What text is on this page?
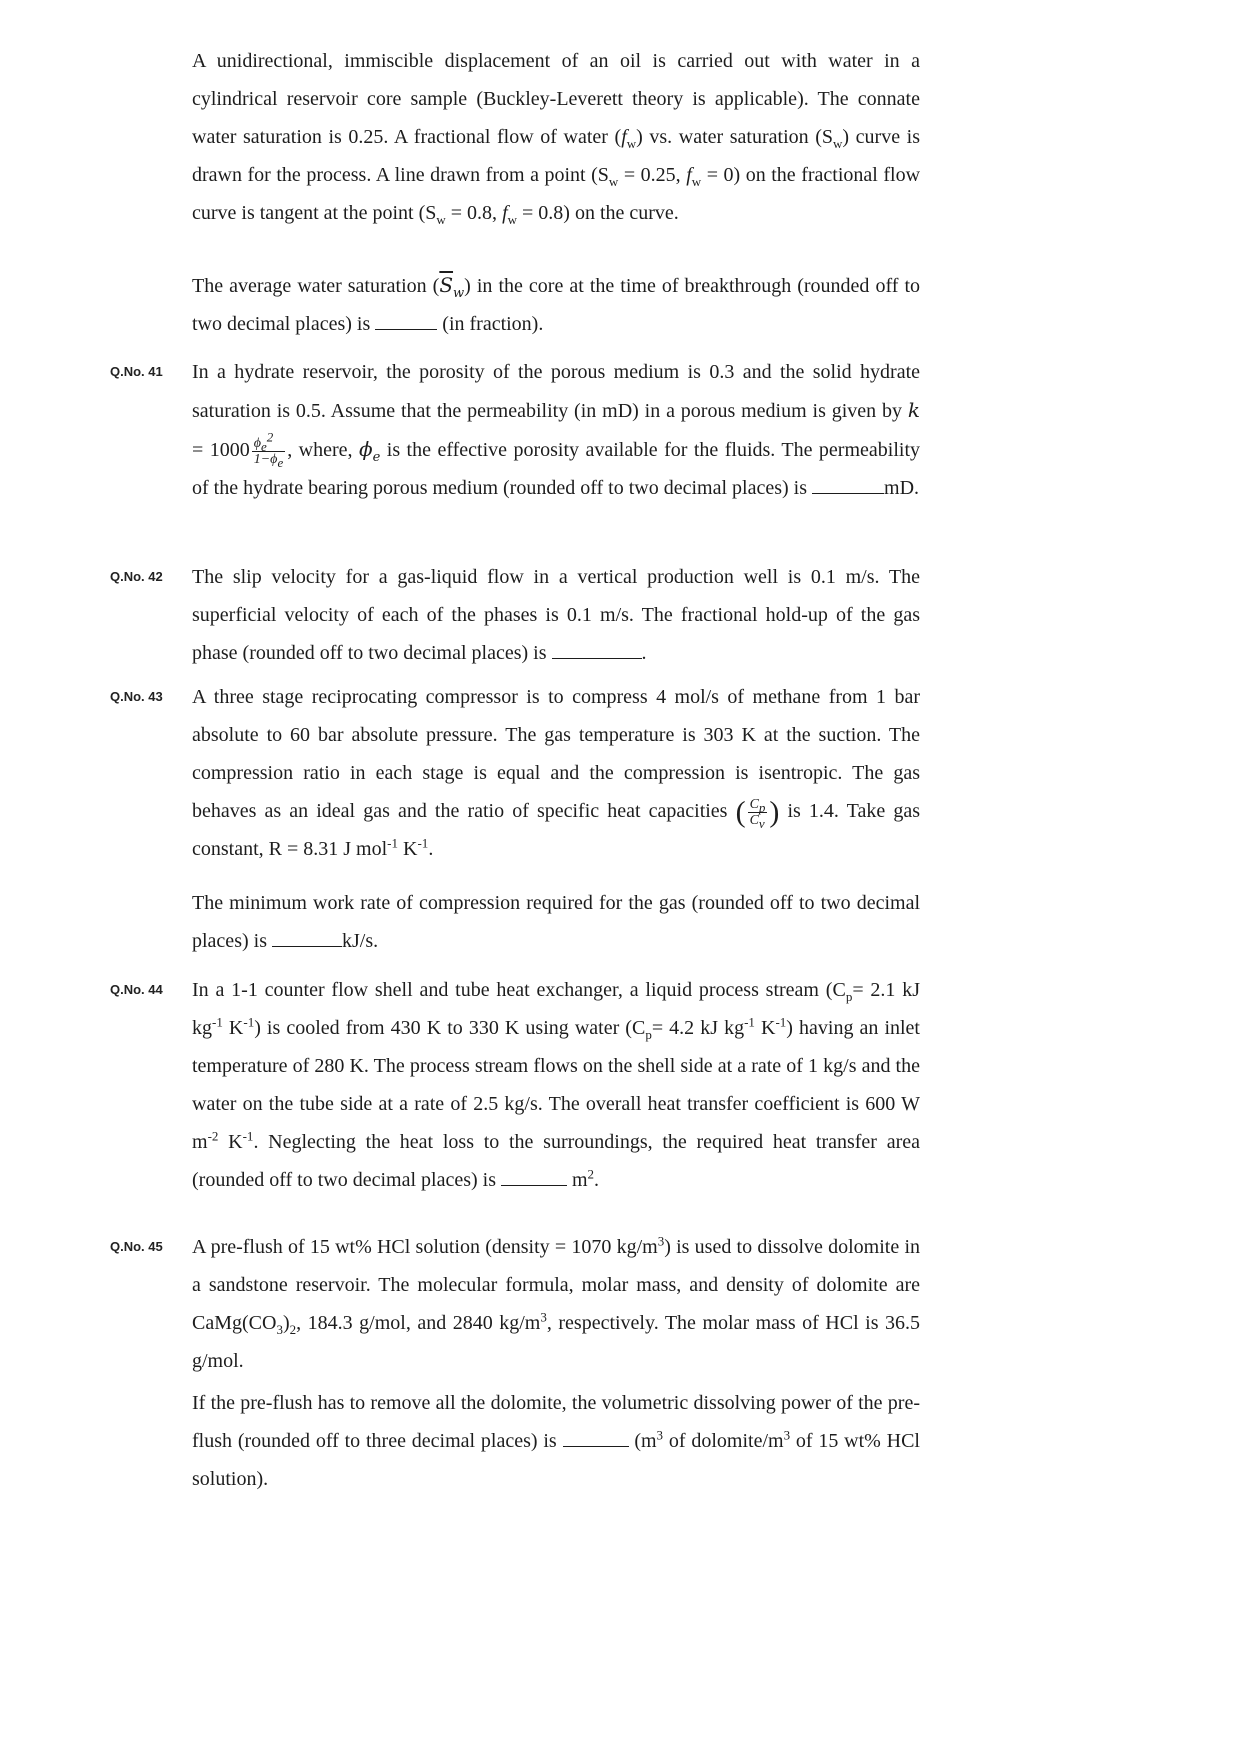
A unidirectional, immiscible displacement of an oil is carried out with water in a cylindrical reservoir core sample (Buckley-Leverett theory is applicable). The connate water saturation is 0.25. A fractional flow of water $(f_w)$ vs. water saturation $(S_w)$ curve is drawn for the process. A line drawn from a point ($S_w = 0.25$, $f_w = 0$) on the fractional flow curve is tangent at the point ($S_w = 0.8$, $f_w = 0.8$) on the curve.

The average water saturation $(\overline{S}_w)$ in the core at the time of breakthrough (rounded off to two decimal places) is	(in fraction).

Q.No. 41 In a hydrate reservoir, the porosity of the porous medium is 0.3 and the solid hydrate saturation is 0.5. Assume that the permeability (in mD) in a porous medium is given by $k = 1000 \frac{\phi_e^2}{1-\phi_e}$ , where, $\phi_e$ is the effective porosity available for the fluids. The permeability of the hydrate bearing porous medium (rounded off to two decimal places) is	mD.

Q.No. 42 The slip velocity for a gas-liquid flow in a vertical production well is 0.1 m/s. The superficial velocity of each of the phases is 0.1 m/s. The fractional hold-up of the gas phase (rounded off to two decimal places) is	.

Q.No. 43 A three stage reciprocating compressor is to compress 4 mol/s of methane from 1 bar absolute to 60 bar absolute pressure. The gas temperature is 303 K at the suction. The compression ratio in each stage is equal and the compression is isentropic. The gas behaves as an ideal gas and the ratio of specific heat capacities ( $\frac{C_p}{C_v}$ ) is 1.4. Take gas constant, R = 8.31 J mol$^{-1}$ $K^{-1}$.

The minimum work rate of compression required for the gas (rounded off to two decimal places) is	kJ/s.

Q.No. 44 In a 1-1 counter flow shell and tube heat exchanger, a liquid process stream ($C_p= 2.1$ kJ $kg^{-1}$ $K^{-1}$) is cooled from 430 K to 330 K using water ($C_p= 4.2$ kJ $kg^{-1}$ $K^{-1}$) having an inlet temperature of 280 K. The process stream flows on the shell side at a rate of 1 kg/s and the water on the tube side at a rate of 2.5 kg/s. The overall heat transfer coefficient is 600 W $m^{-2}$ $K^{-1}$. Neglecting the heat loss to the surroundings, the required heat transfer area (rounded off to two decimal places) is	$m^2$.

Q.No. 45 A pre-flush of 15 wt% HCl solution (density = 1070 $kg/m^3$) is used to dissolve dolomite in a sandstone reservoir. The molecular formula, molar mass, and density of dolomite are $CaMg(CO_3)_2$, 184.3 g/mol, and 2840 $kg/m^3$, respectively. The molar mass of HCl is 36.5 g/mol.

If the pre-flush has to remove all the dolomite, the volumetric dissolving power of the pre-flush (rounded off to three decimal places) is	($m^3$ of dolomite/$m^3$ of 15 wt% HCl solution).
